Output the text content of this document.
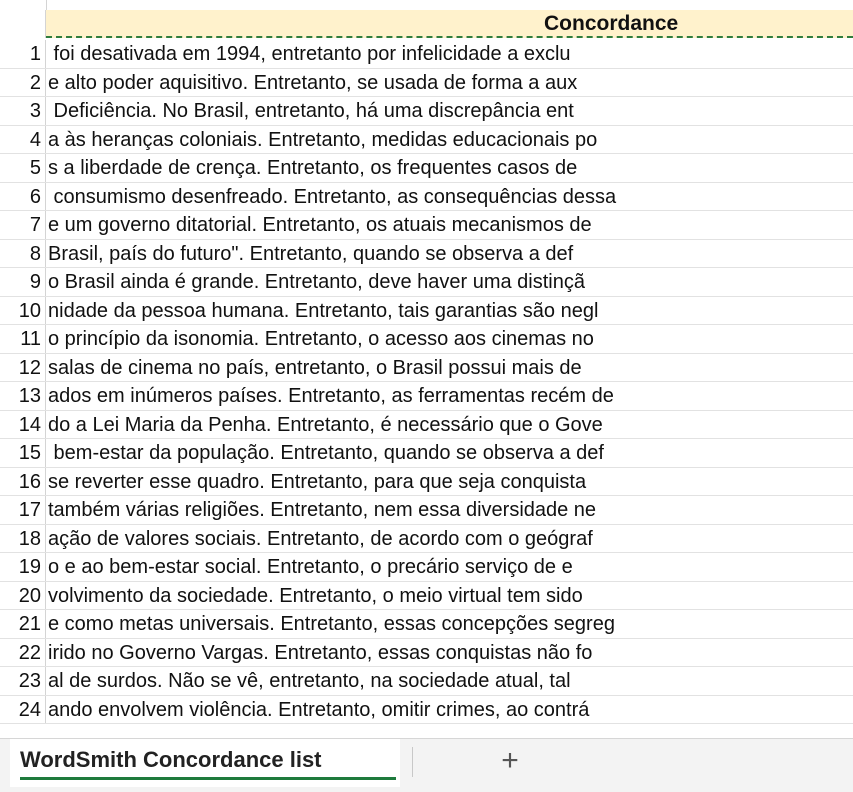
Concordance
1 foi desativada em 1994, entretanto por infelicidade a exclu
2 e alto poder aquisitivo. Entretanto, se usada de forma a aux
3 Deficiência. No Brasil, entretanto, há uma discrepância ent
4 a às heranças coloniais. Entretanto, medidas educacionais po
5 s a liberdade de crença. Entretanto, os frequentes casos de
6 consumismo desenfreado. Entretanto, as consequências dessa
7 e um governo ditatorial. Entretanto, os atuais mecanismos de
8 Brasil, país do futuro". Entretanto, quando se observa a def
9 o Brasil ainda é grande. Entretanto, deve haver uma distinçã
10 nidade da pessoa humana. Entretanto, tais garantias são negl
11 o princípio da isonomia. Entretanto, o acesso aos cinemas no
12 salas de cinema no país, entretanto, o Brasil possui mais de
13 ados em inúmeros países. Entretanto, as ferramentas recém de
14 do a Lei Maria da Penha. Entretanto, é necessário que o Gove
15 bem-estar da população. Entretanto, quando se observa a def
16 se reverter esse quadro. Entretanto, para que seja conquista
17 também várias religiões. Entretanto, nem essa diversidade ne
18 ação de valores sociais. Entretanto, de acordo com o geógraf
19 o e ao bem-estar social. Entretanto, o precário serviço de e
20 volvimento da sociedade. Entretanto, o meio virtual tem sido
21 e como metas universais. Entretanto, essas concepções segreg
22 irido no Governo Vargas. Entretanto, essas conquistas não fo
23 al de surdos. Não se vê, entretanto, na sociedade atual, tal
24 ando envolvem violência. Entretanto, omitir crimes, ao contrá
WordSmith Concordance list	+
